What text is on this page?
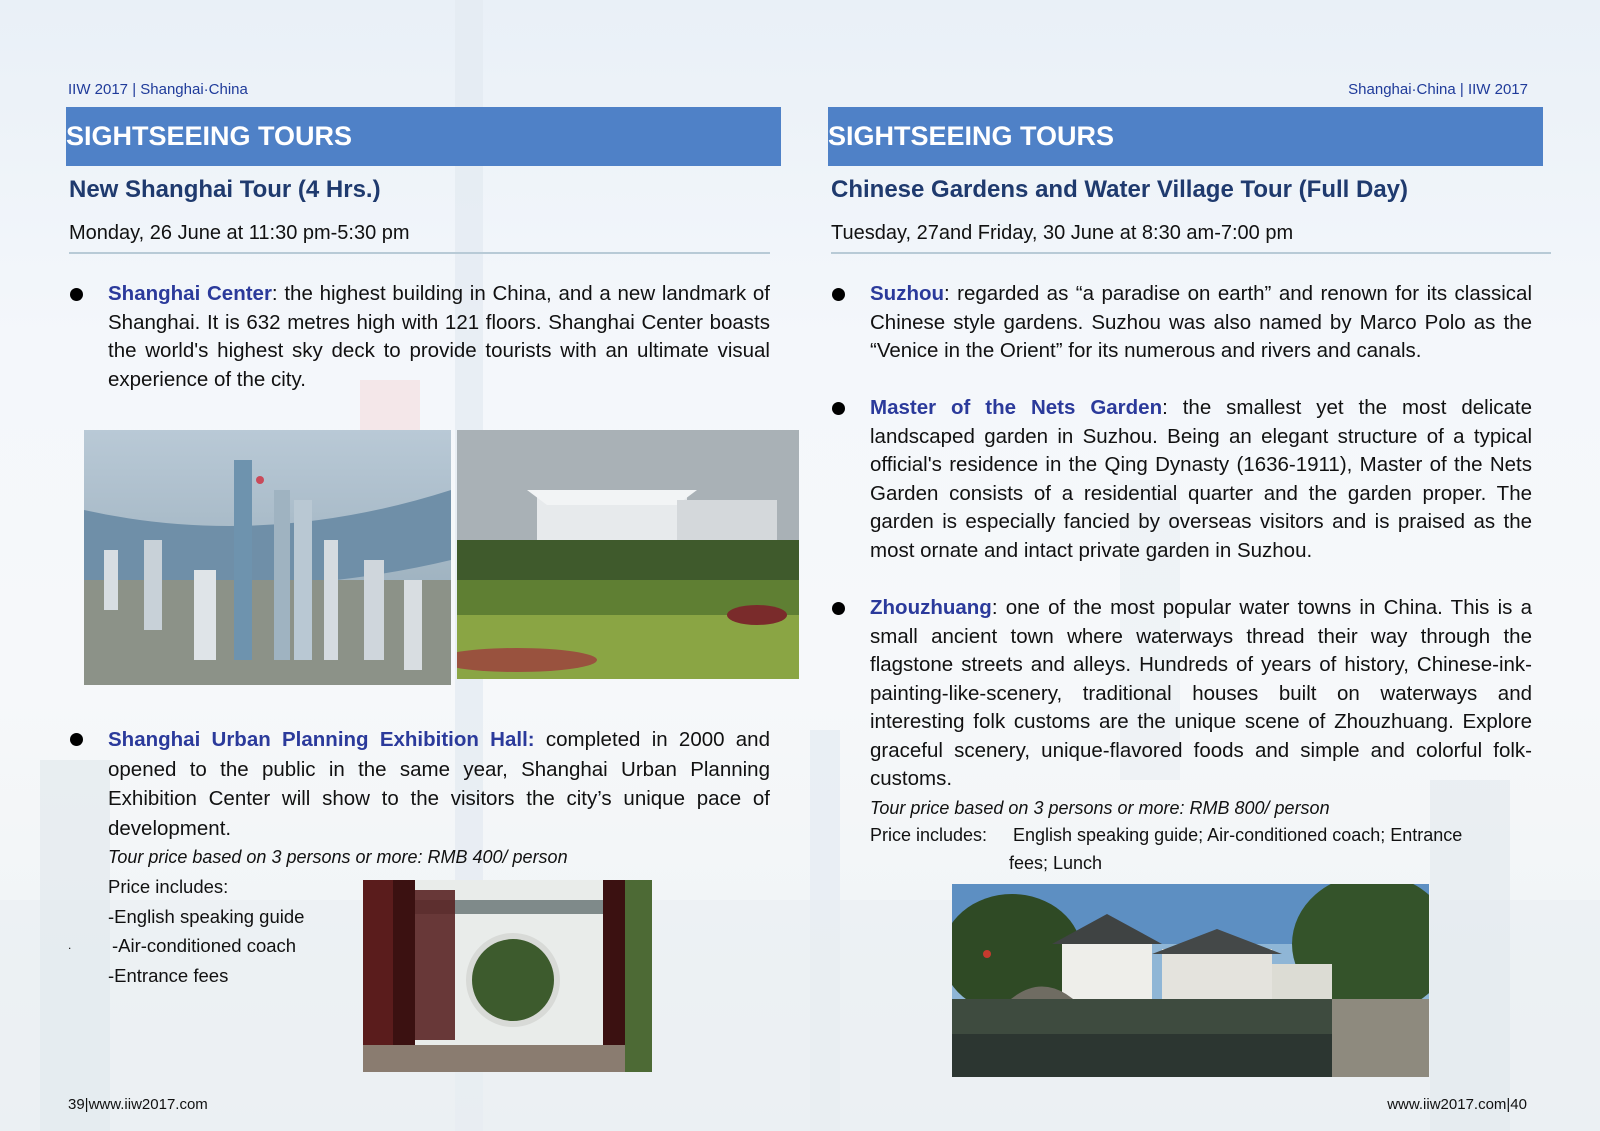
IIW 2017 | Shanghai·China
SIGHTSEEING TOURS
New Shanghai Tour (4 Hrs.)
Monday, 26 June at 11:30 pm-5:30 pm
Shanghai Center: the highest building in China, and a new landmark of Shanghai. It is 632 metres high with 121 floors. Shanghai Center boasts the world's highest sky deck to provide tourists with an ultimate visual experience of the city.
Shanghai Urban Planning Exhibition Hall: completed in 2000 and opened to the public in the same year, Shanghai Urban Planning Exhibition Center will show to the visitors the city’s unique pace of development.
Tour price based on 3 persons or more: RMB 400/ person
Price includes:
-English speaking guide
. -Air-conditioned coach
-Entrance fees
39|www.iiw2017.com
Shanghai·China | IIW 2017
SIGHTSEEING TOURS
Chinese Gardens and Water Village Tour (Full Day)
Tuesday, 27and Friday, 30 June at 8:30 am-7:00 pm
Suzhou: regarded as “a paradise on earth” and renown for its classical Chinese style gardens. Suzhou was also named by Marco Polo as the “Venice in the Orient” for its numerous and rivers and canals.
Master of the Nets Garden: the smallest yet the most delicate landscaped garden in Suzhou. Being an elegant structure of a typical official's residence in the Qing Dynasty (1636-1911), Master of the Nets Garden consists of a residential quarter and the garden proper. The garden is especially fancied by overseas visitors and is praised as the most ornate and intact private garden in Suzhou.
Zhouzhuang: one of the most popular water towns in China. This is a small ancient town where waterways thread their way through the flagstone streets and alleys. Hundreds of years of history, Chinese-ink-painting-like-scenery, traditional houses built on waterways and interesting folk customs are the unique scene of Zhouzhuang. Explore graceful scenery, unique-flavored foods and simple and colorful folk-customs.
Tour price based on 3 persons or more: RMB 800/ person
Price includes: English speaking guide; Air-conditioned coach; Entrance
fees; Lunch
www.iiw2017.com|40
